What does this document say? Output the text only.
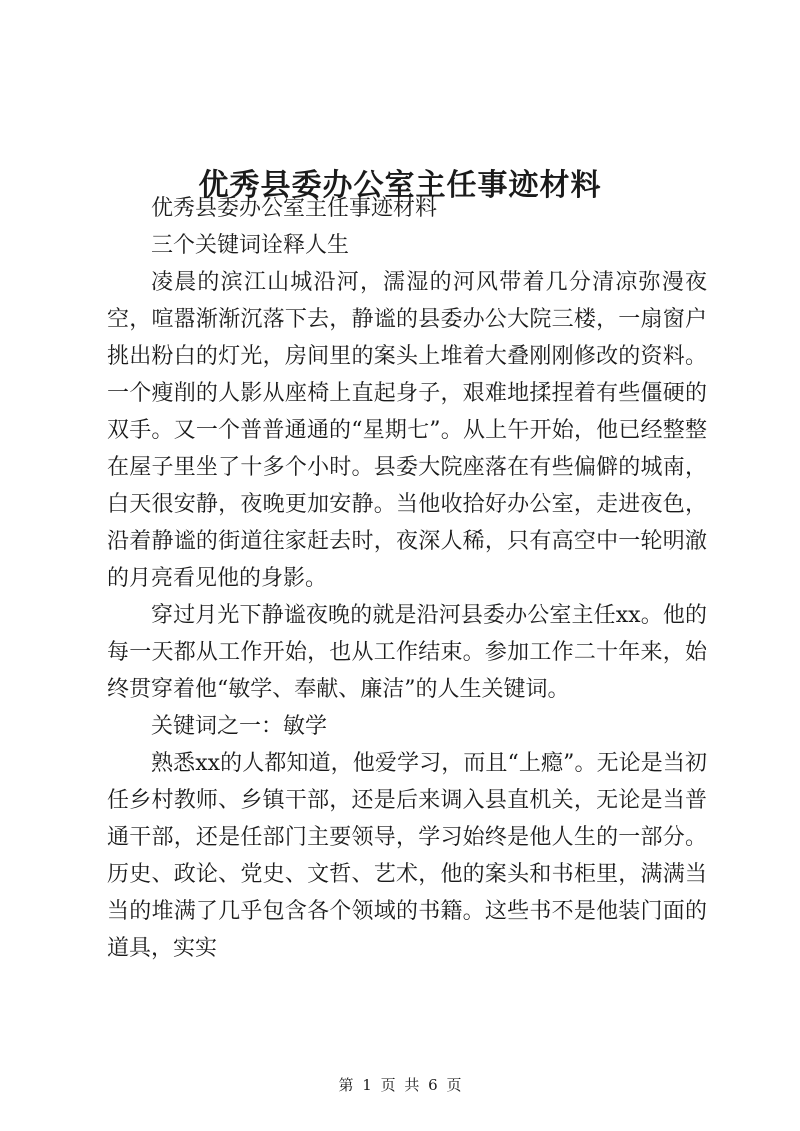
优秀县委办公室主任事迹材料

优秀县委办公室主任事迹材料

三个关键词诠释人生

凌晨的滨江山城沿河，濡湿的河风带着几分清凉弥漫夜空，喧嚣渐渐沉落下去，静谧的县委办公大院三楼，一扇窗户挑出粉白的灯光，房间里的案头上堆着大叠刚刚修改的资料。一个瘦削的人影从座椅上直起身子，艰难地揉捏着有些僵硬的双手。又一个普普通通的“星期七”。从上午开始，他已经整整在屋子里坐了十多个小时。县委大院座落在有些偏僻的城南，白天很安静，夜晚更加安静。当他收拾好办公室，走进夜色，沿着静谧的街道往家赶去时，夜深人稀，只有高空中一轮明澈的月亮看见他的身影。

穿过月光下静谧夜晚的就是沿河县委办公室主任xx。他的每一天都从工作开始，也从工作结束。参加工作二十年来，始终贯穿着他“敏学、奉献、廉洁”的人生关键词。

关键词之一：敏学

熟悉xx的人都知道，他爱学习，而且“上瘾”。无论是当初任乡村教师、乡镇干部，还是后来调入县直机关，无论是当普通干部，还是任部门主要领导，学习始终是他人生的一部分。历史、政论、党史、文哲、艺术，他的案头和书柜里，满满当当的堆满了几乎包含各个领域的书籍。这些书不是他装门面的道具，实实

第 1 页 共 6 页
